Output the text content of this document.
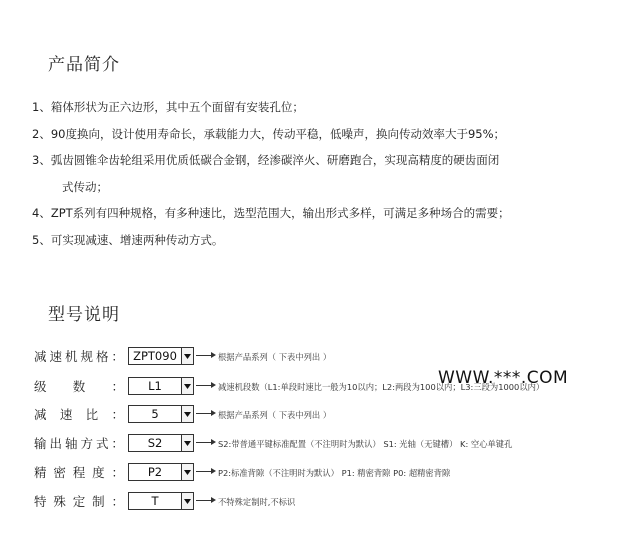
产品简介
1、箱体形状为正六边形，其中五个面留有安装孔位；
2、90度换向，设计使用寿命长，承载能力大，传动平稳，低噪声，换向传动效率大于95%；
3、弧齿圆锥伞齿轮组采用优质低碳合金钢，经渗碳淬火、研磨跑合，实现高精度的硬齿面闭
式传动；
4、ZPT系列有四种规格，有多种速比，选型范围大，输出形式多样，可满足多种场合的需要；
5、可实现减速、增速两种传动方式。
型号说明
减 速 机 规 格 ： ZPT090	根据产品系列（ 下表中列出 ）
级 数 ：	L1	减速机段数（L1:单段时速比一般为10以内；L2:两段为100以内；L3:三段为1000以内）
减 速 比 ：	5	根据产品系列（ 下表中列出 ）
输 出 轴 方 式 ：	S2	S2:带普通平键标准配置（不注明时为默认） S1: 光轴（无键槽） K: 空心单键孔
精 密 程 度 ：	P2	P2:标准背隙（不注明时为默认） P1: 精密背隙 P0: 超精密背隙
特 殊 定 制 ：	T	不特殊定制时,不标识
WWW.***.COM
